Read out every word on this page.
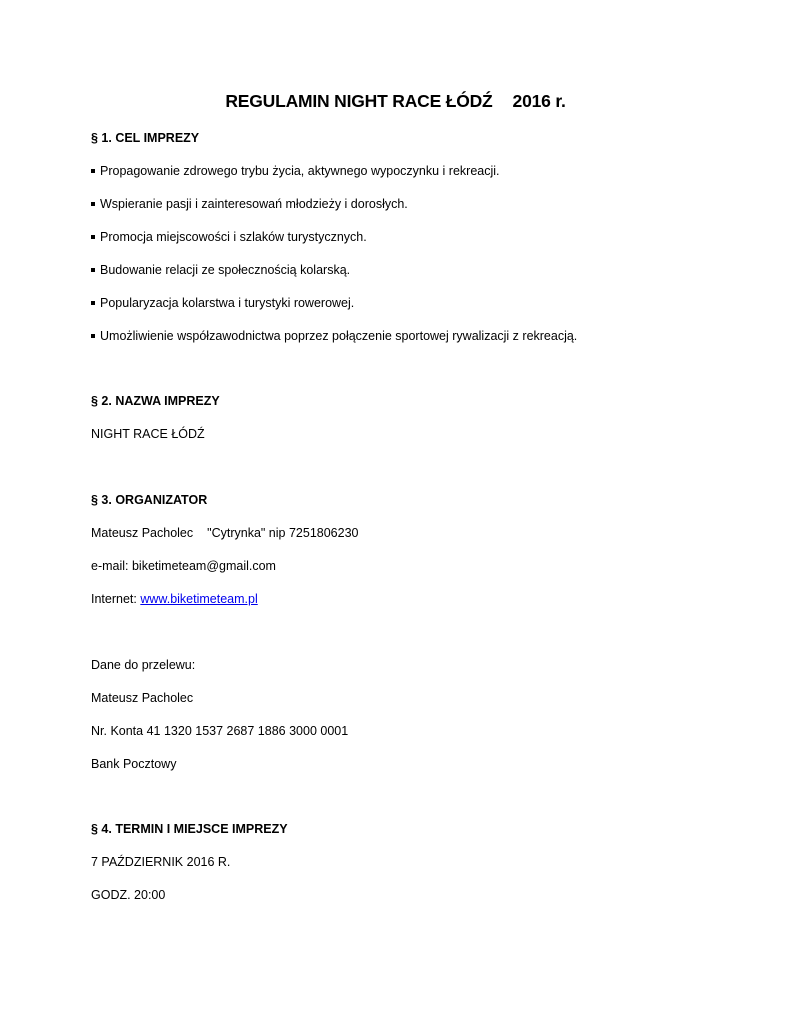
REGULAMIN NIGHT RACE ŁÓDŹ 2016 r.
§ 1. CEL IMPREZY
Propagowanie zdrowego trybu życia, aktywnego wypoczynku i rekreacji.
Wspieranie pasji i zainteresowań młodzieży i dorosłych.
Promocja miejscowości i szlaków turystycznych.
Budowanie relacji ze społecznością kolarską.
Popularyzacja kolarstwa i turystyki rowerowej.
Umożliwienie współzawodnictwa poprzez połączenie sportowej rywalizacji z rekreacją.
§ 2. NAZWA IMPREZY
NIGHT RACE ŁÓDŹ
§ 3. ORGANIZATOR
Mateusz Pacholec "Cytrynka" nip 7251806230
e-mail: biketimeteam@gmail.com
Internet: www.biketimeteam.pl
Dane do przelewu:
Mateusz Pacholec
Nr. Konta 41 1320 1537 2687 1886 3000 0001
Bank Pocztowy
§ 4. TERMIN I MIEJSCE IMPREZY
7 PAŹDZIERNIK 2016 R.
GODZ. 20:00
